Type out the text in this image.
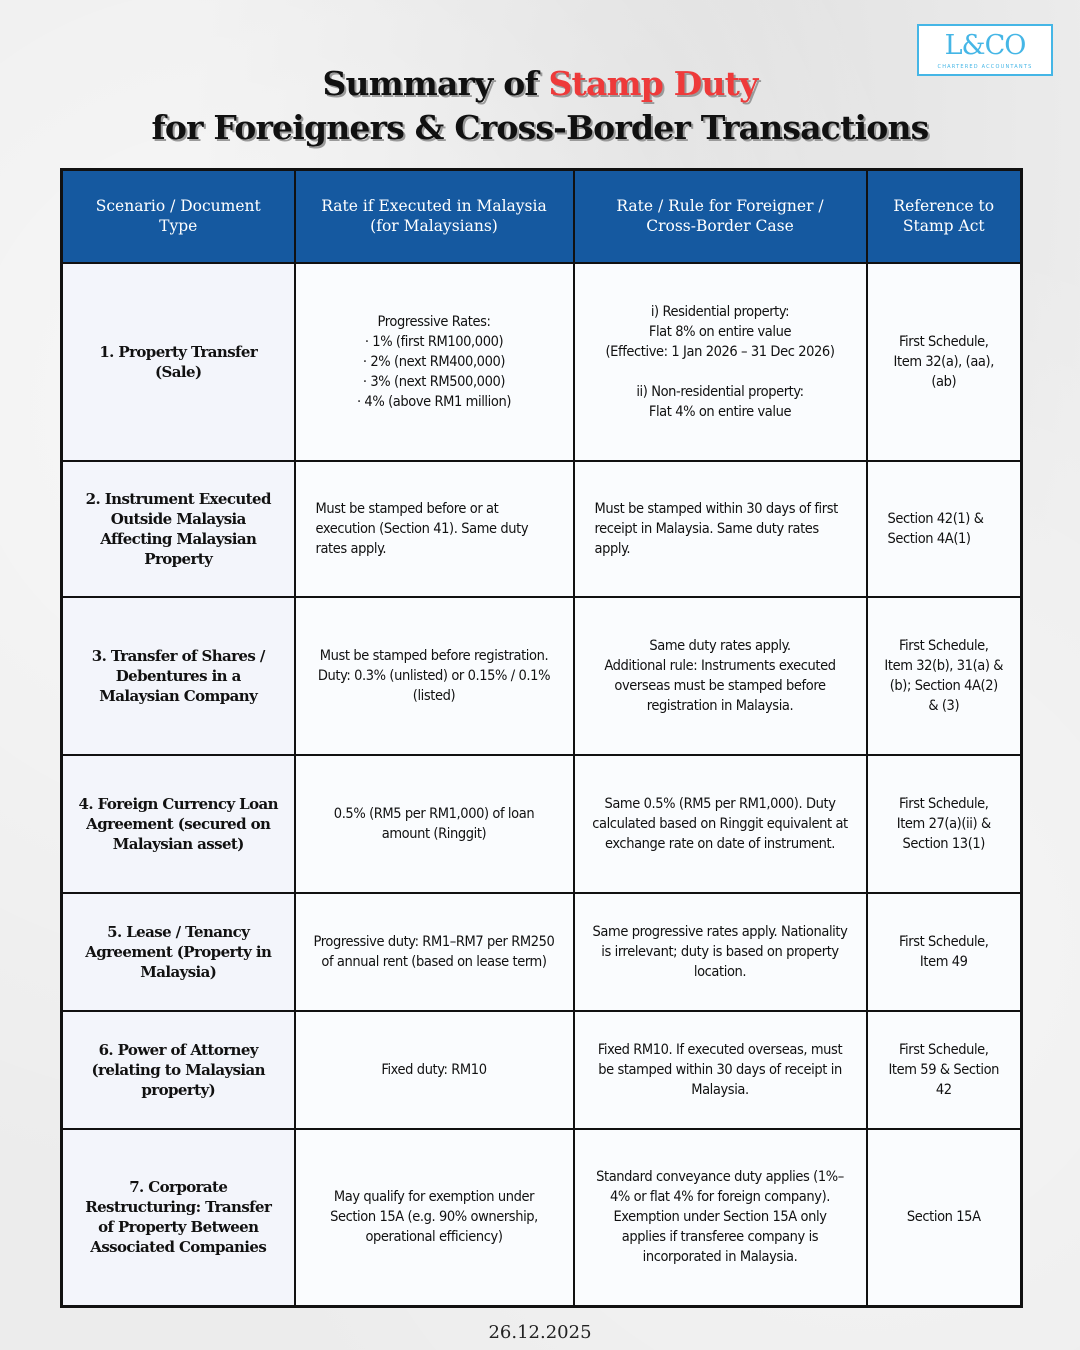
L&CO
CHARTERED ACCOUNTANTS
Summary of Stamp Duty
for Foreigners & Cross-Border Transactions
Scenario / Document Type	Rate if Executed in Malaysia (for Malaysians)	Rate / Rule for Foreigner / Cross-Border Case	Reference to Stamp Act
1. Property Transfer (Sale)	Progressive Rates:
· 1% (first RM100,000)
· 2% (next RM400,000)
· 3% (next RM500,000)
· 4% (above RM1 million)	i) Residential property:
Flat 8% on entire value
(Effective: 1 Jan 2026 – 31 Dec 2026)

ii) Non-residential property:
Flat 4% on entire value	First Schedule, Item 32(a), (aa), (ab)
2. Instrument Executed Outside Malaysia Affecting Malaysian Property	Must be stamped before or at execution (Section 41). Same duty rates apply.	Must be stamped within 30 days of first receipt in Malaysia. Same duty rates apply.	Section 42(1) & Section 4A(1)
3. Transfer of Shares / Debentures in a Malaysian Company	Must be stamped before registration.
Duty: 0.3% (unlisted) or 0.15% / 0.1% (listed)	Same duty rates apply.
Additional rule: Instruments executed overseas must be stamped before registration in Malaysia.	First Schedule, Item 32(b), 31(a) & (b); Section 4A(2) & (3)
4. Foreign Currency Loan Agreement (secured on Malaysian asset)	0.5% (RM5 per RM1,000) of loan amount (Ringgit)	Same 0.5% (RM5 per RM1,000). Duty calculated based on Ringgit equivalent at exchange rate on date of instrument.	First Schedule, Item 27(a)(ii) & Section 13(1)
5. Lease / Tenancy Agreement (Property in Malaysia)	Progressive duty: RM1–RM7 per RM250 of annual rent (based on lease term)	Same progressive rates apply. Nationality is irrelevant; duty is based on property location.	First Schedule, Item 49
6. Power of Attorney (relating to Malaysian property)	Fixed duty: RM10	Fixed RM10. If executed overseas, must be stamped within 30 days of receipt in Malaysia.	First Schedule, Item 59 & Section 42
7. Corporate Restructuring: Transfer of Property Between Associated Companies	May qualify for exemption under Section 15A (e.g. 90% ownership, operational efficiency)	Standard conveyance duty applies (1%–4% or flat 4% for foreign company). Exemption under Section 15A only applies if transferee company is incorporated in Malaysia.	Section 15A
26.12.2025
